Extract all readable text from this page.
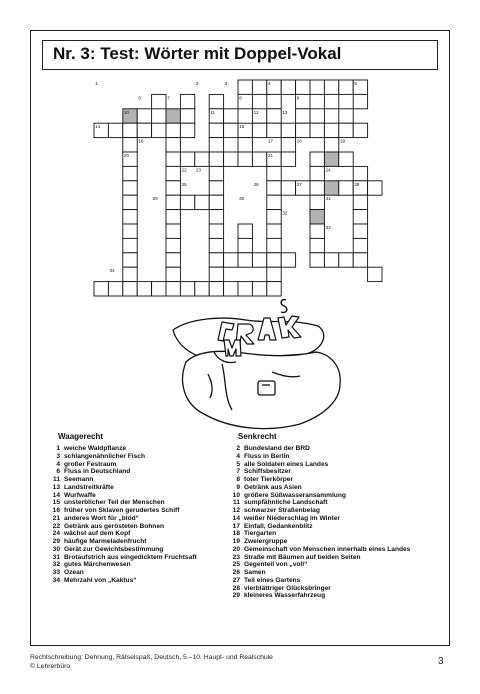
Nr. 3: Test: Wörter mit Doppel-Vokal
1	2	3	4	5
6	7	8	9
10	11	12	13
14	15
16	17	18	19
20	21
22 23	24
25	26	27	28
29	30	31
32
33
34
Waagerecht
1 weiche Waldpflanze
3 schlangenähnlicher Fisch
4 großer Festraum
6 Fluss in Deutschland
11 Seemann
13 Landstreitkräfte
14 Wurfwaffe
15 unsterblicher Teil der Menschen
16 früher von Sklaven gerudertes Schiff
21 anderes Wort für „blöd“
22 Getränk aus gerösteten Bohnen
24 wächst auf dem Kopf
29 häufige Marmeladenfrucht
30 Gerät zur Gewichtsbestimmung
31 Brotaufstrich aus eingedicktem Fruchtsaft
32 gutes Märchenwesen
33 Ozean
34 Mehrzahl von „Kaktus“
Senkrecht
2 Bundesland der BRD
4 Fluss in Berlin
5 alle Soldaten eines Landes
7 Schiffsbesitzer
8 toter Tierkörper
9 Getränk aus Asien
10 größere Süßwasseransammlung
11 sumpfähnliche Landschaft
12 schwarzer Straßenbelag
14 weißer Niederschlag im Winter
17 Einfall, Gedankenblitz
18 Tiergarten
19 Zweiergruppe
20 Gemeinschaft von Menschen innerhalb eines Landes
23 Straße mit Bäumen auf beiden Seiten
25 Gegenteil von „voll“
26 Samen
27 Teil eines Gartens
28 vierblättriger Glücksbringer
29 kleineres Wasserfahrzeug
Rechtschreibung: Dehnung, Rätselspaß, Deutsch, 5.–10. Haupt- und Realschule
© Lehrerbüro	3
